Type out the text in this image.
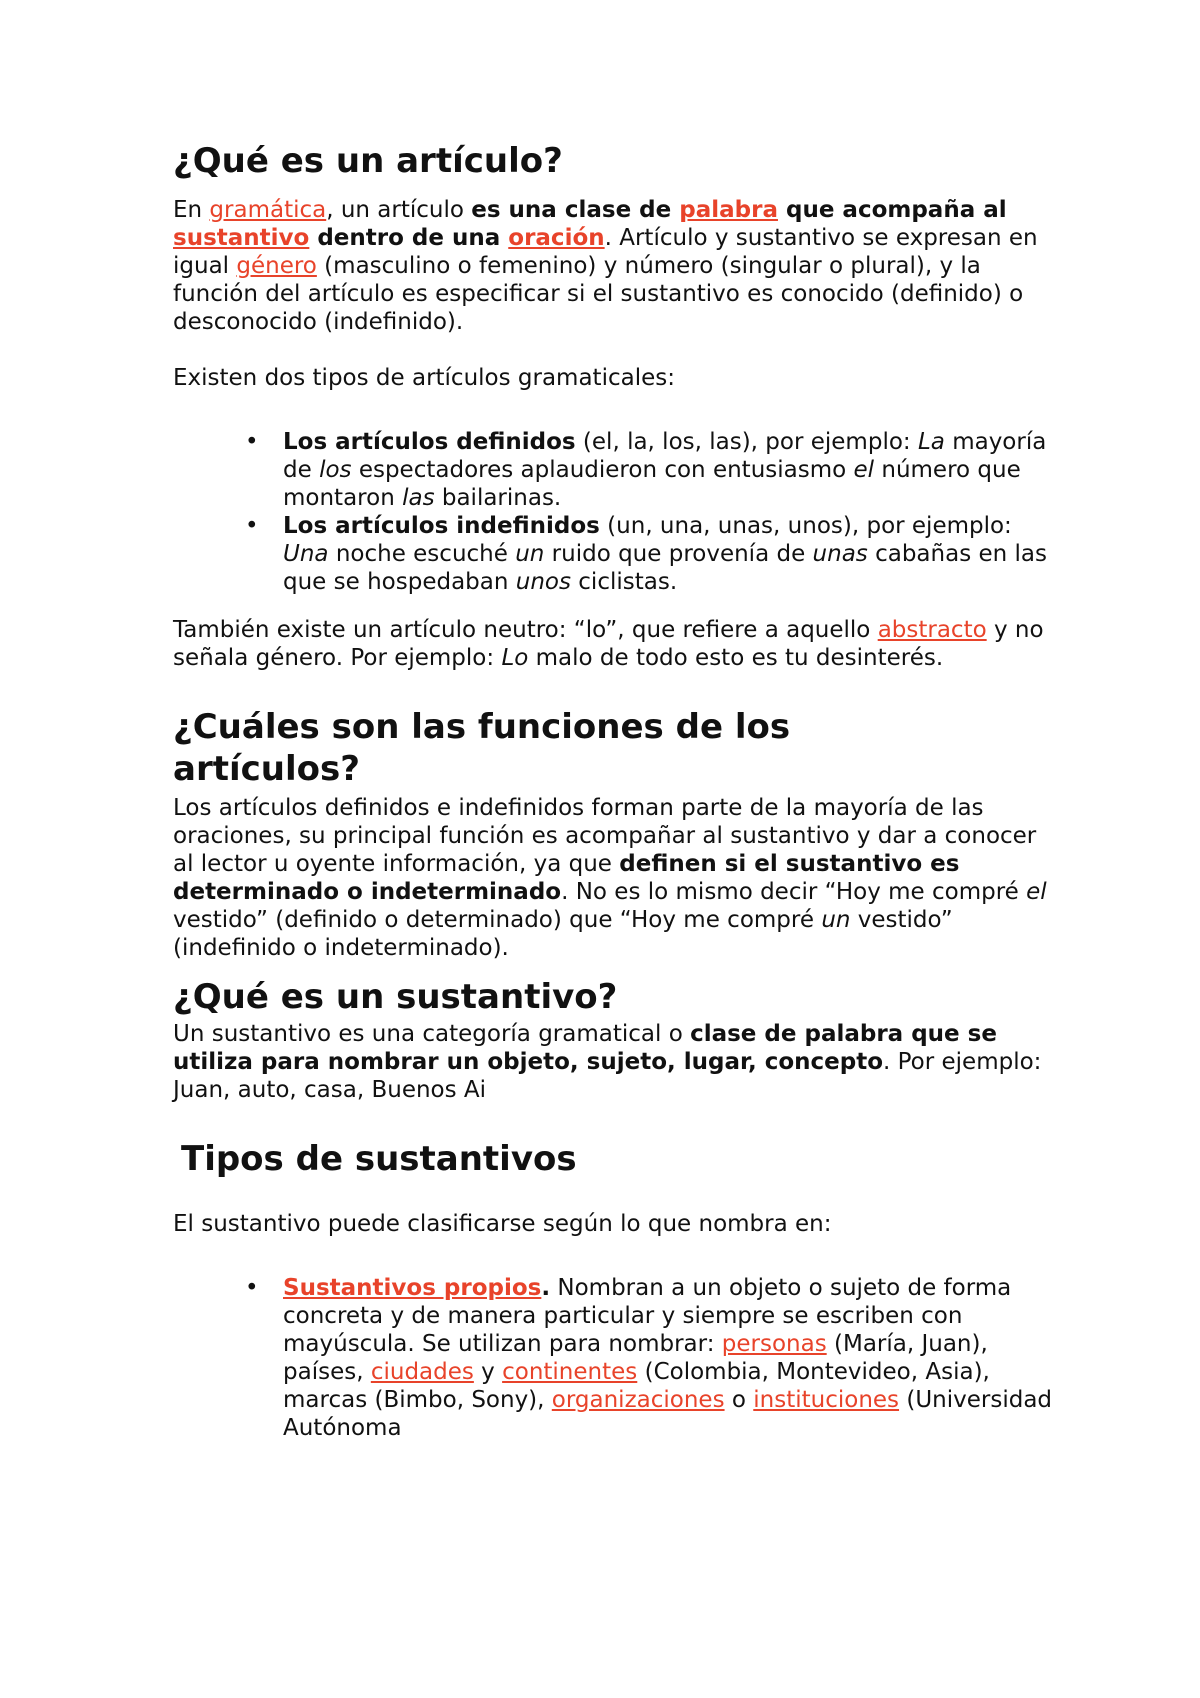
¿Qué es un artículo?

En gramática, un artículo es una clase de palabra que acompaña al sustantivo dentro de una oración. Artículo y sustantivo se expresan en igual género (masculino o femenino) y número (singular o plural), y la función del artículo es especificar si el sustantivo es conocido (definido) o desconocido (indefinido).

Existen dos tipos de artículos gramaticales:

• Los artículos definidos (el, la, los, las), por ejemplo: La mayoría de los espectadores aplaudieron con entusiasmo el número que montaron las bailarinas.
• Los artículos indefinidos (un, una, unas, unos), por ejemplo: Una noche escuché un ruido que provenía de unas cabañas en las que se hospedaban unos ciclistas.

También existe un artículo neutro: “lo”, que refiere a aquello abstracto y no señala género. Por ejemplo: Lo malo de todo esto es tu desinterés.

¿Cuáles son las funciones de los artículos?

Los artículos definidos e indefinidos forman parte de la mayoría de las oraciones, su principal función es acompañar al sustantivo y dar a conocer al lector u oyente información, ya que definen si el sustantivo es determinado o indeterminado. No es lo mismo decir “Hoy me compré el vestido” (definido o determinado) que “Hoy me compré un vestido” (indefinido o indeterminado).

¿Qué es un sustantivo?

Un sustantivo es una categoría gramatical o clase de palabra que se utiliza para nombrar un objeto, sujeto, lugar, concepto. Por ejemplo: Juan, auto, casa, Buenos Ai

Tipos de sustantivos

El sustantivo puede clasificarse según lo que nombra en:

• Sustantivos propios. Nombran a un objeto o sujeto de forma concreta y de manera particular y siempre se escriben con mayúscula. Se utilizan para nombrar: personas (María, Juan), países, ciudades y continentes (Colombia, Montevideo, Asia), marcas (Bimbo, Sony), organizaciones o instituciones (Universidad Autónoma
